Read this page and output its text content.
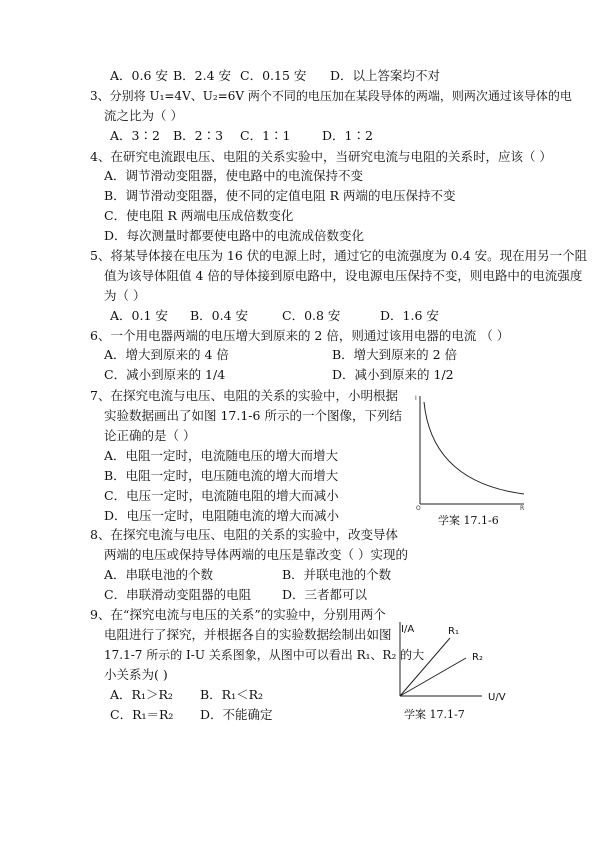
A．0.6 安 B．2.4 安 C．0.15 安 D．以上答案均不对
3、分别将 U₁=4V、U₂=6V 两个不同的电压加在某段导体的两端，则两次通过该导体的电
流之比为（ ）
A．3∶2 B．2∶3 C．1∶1	D．1∶2
4、在研究电流跟电压、电阻的关系实验中，当研究电流与电阻的关系时，应该（ ）
A．调节滑动变阻器，使电路中的电流保持不变
B．调节滑动变阻器，使不同的定值电阻 R 两端的电压保持不变
C．使电阻 R 两端电压成倍数变化
D．每次测量时都要使电路中的电流成倍数变化
5、将某导体接在电压为 16 伏的电源上时，通过它的电流强度为 0.4 安。现在用另一个阻
值为该导体阻值 4 倍的导体接到原电路中，设电源电压保持不变，则电路中的电流强度
为（ ）
A．0.1 安 B．0.4 安	C．0.8 安	D．1.6 安
6、一个用电器两端的电压增大到原来的 2 倍，则通过该用电器的电流 （ ）
A．增大到原来的 4 倍	B．增大到原来的 2 倍
C．减小到原来的 1/4	D．减小到原来的 1/2
7、在探究电流与电压、电阻的关系的实验中，小明根据
实验数据画出了如图 17.1-6 所示的一个图像，下列结
论正确的是（ ）
A．电阻一定时，电流随电压的增大而增大
B．电阻一定时，电压随电流的增大而增大
C．电压一定时，电流随电阻的增大而减小
D．电压一定时，电阻随电流的增大而减小
I
O	R
学案 17.1-6
8、在探究电流与电压、电阻的关系的实验中，改变导体
两端的电压或保持导体两端的电压是靠改变（ ）实现的
A．串联电池的个数	B．并联电池的个数
C．串联滑动变阻器的电阻 D．三者都可以
9、在“探究电流与电压的关系”的实验中，分别用两个
电阻进行了探究，并根据各自的实验数据绘制出如图
17.1-7 所示的 I-U 关系图象，从图中可以看出 R₁、R₂ 的大
小关系为( )
A．R₁＞R₂ B．R₁＜R₂
C．R₁＝R₂ D．不能确定
I/A	R₁
R₂
U/V
学案 17.1-7
